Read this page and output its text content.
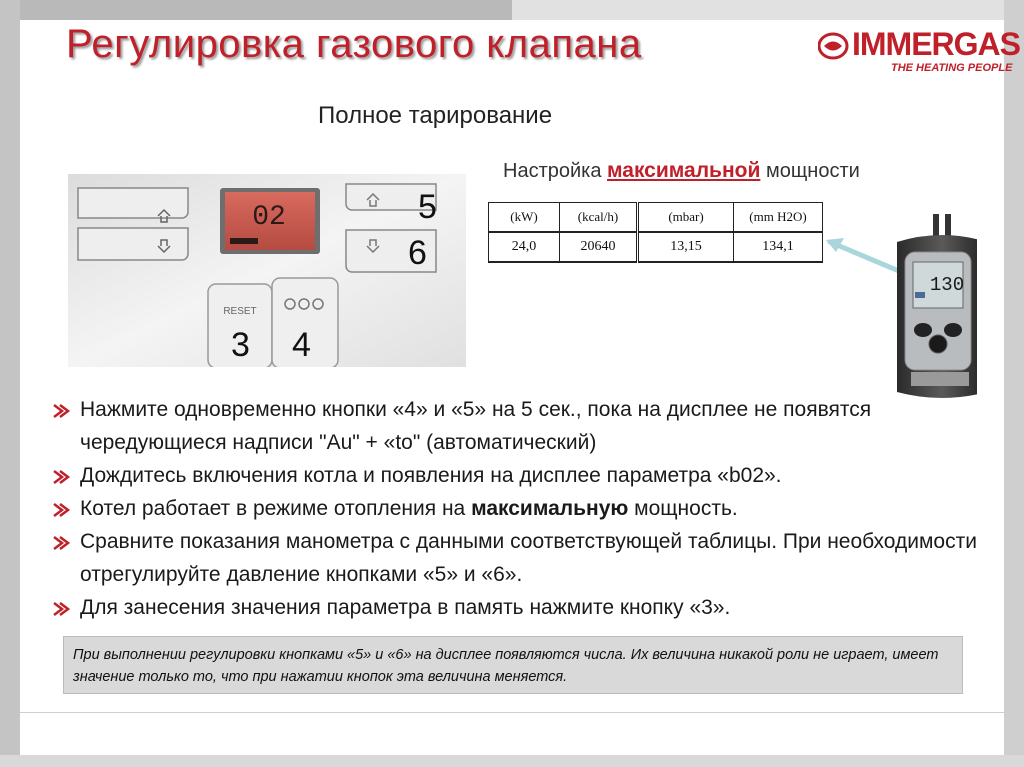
Регулировка газового клапана	IMMERGAS
THE HEATING PEOPLE
Полное тарирование
Настройка максимальной мощности
02
RESET
5
6
3 4
(kW)	(kcal/h)	(mbar)	(mm H2O)
24,0	20640	13,15	134,1
130
Нажмите одновременно кнопки «4» и «5» на 5 сек., пока на дисплее не появятся чередующиеся надписи "Au" + «to" (автоматический)
Дождитесь включения котла и появления на дисплее параметра «b02».
Котел работает в режиме отопления на максимальную мощность.
Сравните показания манометра с данными соответствующей таблицы. При необходимости отрегулируйте давление кнопками «5» и «6».
Для занесения значения параметра в память нажмите кнопку «3».
При выполнении регулировки кнопками «5» и «6» на дисплее появляются числа. Их величина никакой роли не играет, имеет значение только то, что при нажатии кнопок эта величина меняется.
